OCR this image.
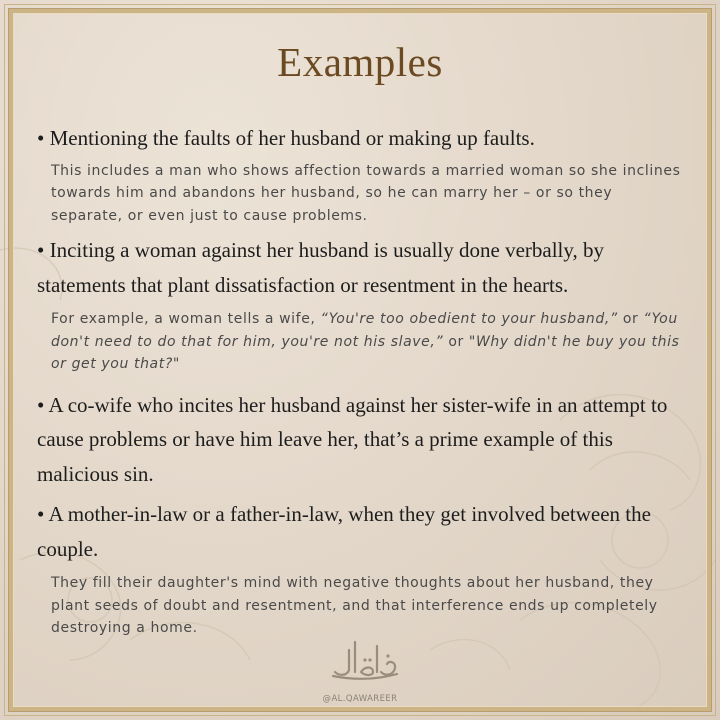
Examples
• Mentioning the faults of her husband or making up faults.
This includes a man who shows affection towards a married woman so she inclines towards him and abandons her husband, so he can marry her – or so they separate, or even just to cause problems.
• Inciting a woman against her husband is usually done verbally, by statements that plant dissatisfaction or resentment in the hearts.
For example, a woman tells a wife, “You're too obedient to your husband,” or “You don't need to do that for him, you're not his slave,” or "Why didn't he buy you this or get you that?"
• A co-wife who incites her husband against her sister-wife in an attempt to cause problems or have him leave her, that’s a prime example of this malicious sin.
• A mother-in-law or a father-in-law, when they get involved between the couple.
They fill their daughter's mind with negative thoughts about her husband, they plant seeds of doubt and resentment, and that interference ends up completely destroying a home.
@AL.QAWAREER
